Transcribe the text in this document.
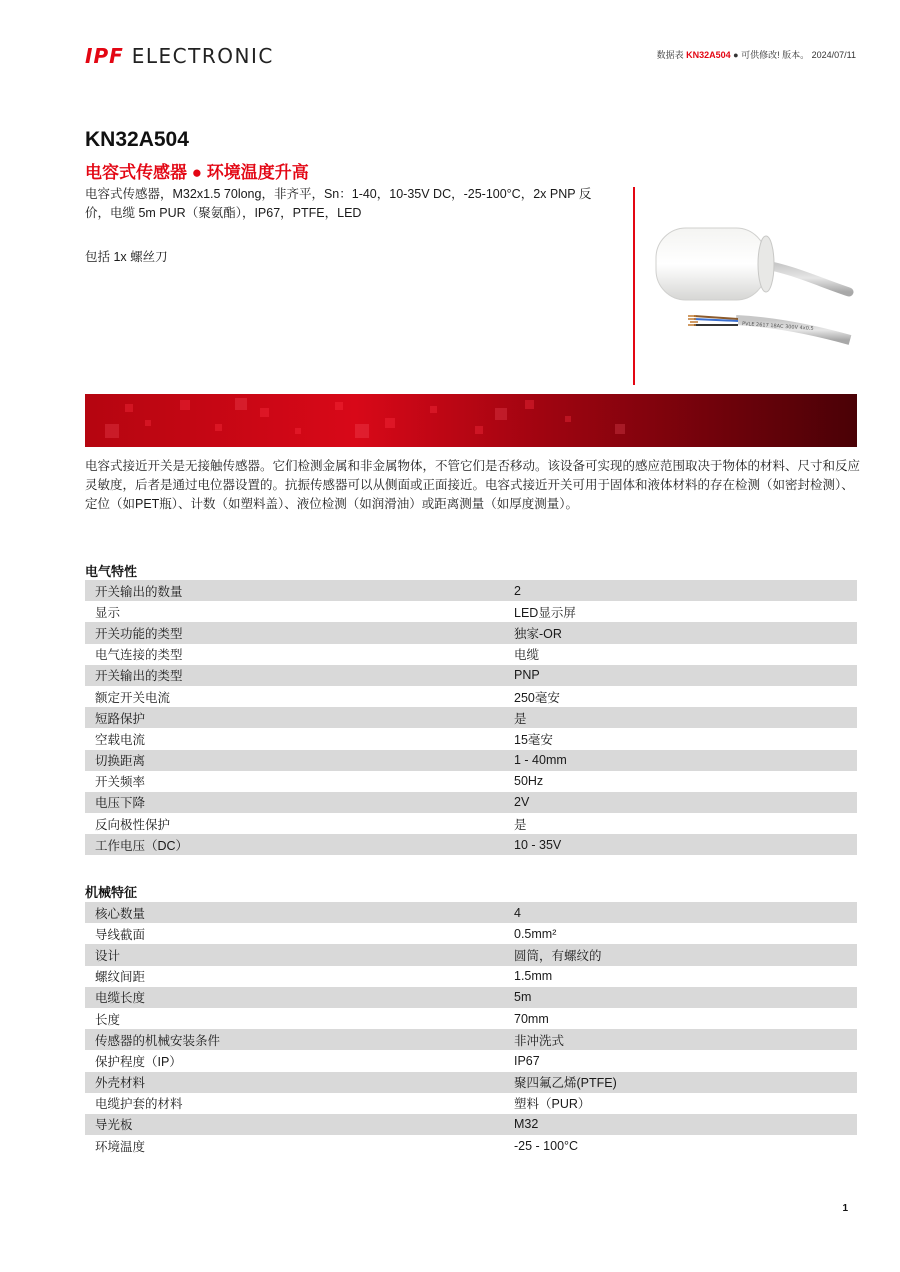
IPF ELECTRONIC	数据表 KN32A504 ● 可供修改! 版本。 2024/07/11
KN32A504
电容式传感器 ● 环境温度升高
电容式传感器，M32x1.5 70long，非齐平，Sn：1-40，10-35V DC，-25-100°C，2x PNP 反价，电缆 5m PUR（聚氨酯），IP67，PTFE，LED
包括 1x 螺丝刀
PVLE 2617 18AC 300V 4x0.5
电容式接近开关是无接触传感器。它们检测金属和非金属物体，不管它们是否移动。该设备可实现的感应范围取决于物体的材料、尺寸和反应灵敏度，后者是通过电位器设置的。抗振传感器可以从侧面或正面接近。电容式接近开关可用于固体和液体材料的存在检测（如密封检测）、定位（如PET瓶）、计数（如塑料盖）、液位检测（如润滑油）或距离测量（如厚度测量）。
电气特性
开关输出的数量	2
显示	LED显示屏
开关功能的类型	独家-OR
电气连接的类型	电缆
开关输出的类型	PNP
额定开关电流	250毫安
短路保护	是
空载电流	15毫安
切换距离	1 - 40mm
开关频率	50Hz
电压下降	2V
反向极性保护	是
工作电压（DC）	10 - 35V
机械特征
核心数量	4
导线截面	0.5mm²
设计	圆筒，有螺纹的
螺纹间距	1.5mm
电缆长度	5m
长度	70mm
传感器的机械安装条件	非冲洗式
保护程度（IP）	IP67
外壳材料	聚四氟乙烯(PTFE)
电缆护套的材料	塑料（PUR）
导光板	M32
环境温度	-25 - 100°C
1
